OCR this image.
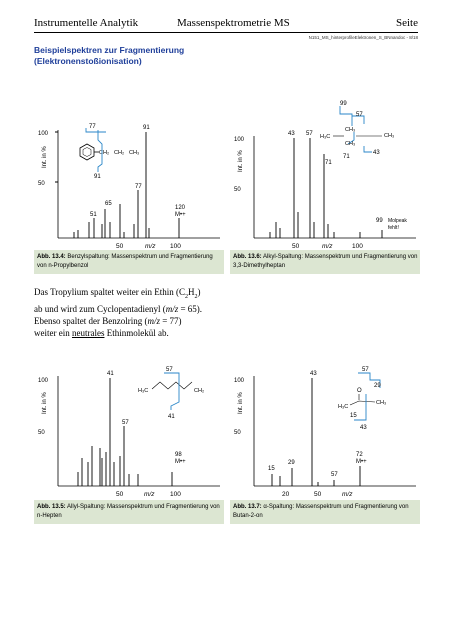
Instrumentelle Analytik	Massenspektrometrie MS	Seite
N151_MS_hinterprofileElektronen_S_BNnandoc - 8/18
Beispielspektren zur Fragmentierung
(Elektronenstoßionisation)
100
50
Int. in %
91
77
65
51
120
M•+
CH₂ CH₂ CH₃
77
91
50	m/z 100
Abb. 13.4: Benzylspaltung: Massenspektrum und Fragmentierung von n-Propylbenzol
100
50
Int. in %
43 57
71
99 Molpeak
fehlt!
99
57
H₃C
CH₃
CH₃
CH₃
71
43
50	m/z	100
Abb. 13.6: Alkyl-Spaltung: Massenspektrum und Fragmentierung von 3,3-Dimethylheptan
Das Tropylium spaltet weiter ein Ethin $(C_2H_2)$
ab und wird zum Cyclopentadienyl (m/z = 65).
Ebenso spaltet der Benzolring (m/z = 77)
weiter ein neutrales Ethinmolekül ab.
100
50
Int. in %
41
57
98
M•+
57
H₃C	CH₂
41
50	m/z 100
Abb. 13.5: Allyl-Spaltung: Massenspektrum und Fragmentierung von n-Hepten
100
50
Int. in %
43
29
15
57
72
M•+
57
29
O
H₃C
CH₃
15
43
20	50	m/z
Abb. 13.7: α-Spaltung: Massenspektrum und Fragmentierung von Butan-2-on
